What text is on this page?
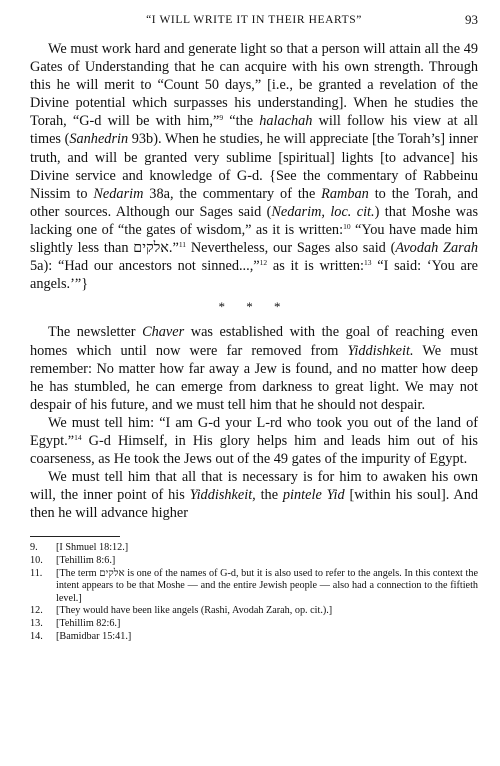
“I WILL WRITE IT IN THEIR HEARTS”	93

We must work hard and generate light so that a person will attain all the 49 Gates of Understanding that he can acquire with his own strength. Through this he will merit to “Count 50 days,” [i.e., be granted a revelation of the Divine potential which surpasses his understanding]. When he studies the Torah, “G-d will be with him,”$^9$ “the halachah will follow his view at all times (Sanhedrin 93b). When he studies, he will appreciate [the Torah’s] inner truth, and will be granted very sublime [spiritual] lights [to advance] his Divine service and knowledge of G-d. {See the commentary of Rabbeinu Nissim to Nedarim 38a, the commentary of the Ramban to the Torah, and other sources. Although our Sages said (Nedarim, loc. cit.) that Moshe was lacking one of “the gates of wisdom,” as it is written:$^{10}$ “You have made him slightly less than אלקים.”$^{11}$ Nevertheless, our Sages also said (Avodah Zarah 5a): “Had our ancestors not sinned...,”$^{12}$ as it is written:$^{13}$ “I said: ‘You are angels.’”}

* * *

The newsletter Chaver was established with the goal of reaching even homes which until now were far removed from Yiddishkeit. We must remember: No matter how far away a Jew is found, and no matter how deep he has stumbled, he can emerge from darkness to great light. We may not despair of his future, and we must tell him that he should not despair.

We must tell him: “I am G-d your L-rd who took you out of the land of Egypt.”$^{14}$ G-d Himself, in His glory helps him and leads him out of his coarseness, as He took the Jews out of the 49 gates of the impurity of Egypt.

We must tell him that all that is necessary is for him to awaken his own will, the inner point of his Yiddishkeit, the pintele Yid [within his soul]. And then he will advance higher

9.	[I Shmuel 18:12.]
10.	[Tehillim 8:6.]
11.	[The term אלקים is one of the names of G-d, but it is also used to refer to the angels. In this context the intent appears to be that Moshe — and the entire Jewish people — also had a connection to the fiftieth level.]
12.	[They would have been like angels (Rashi, Avodah Zarah, op. cit.).]
13.	[Tehillim 82:6.]
14.	[Bamidbar 15:41.]
